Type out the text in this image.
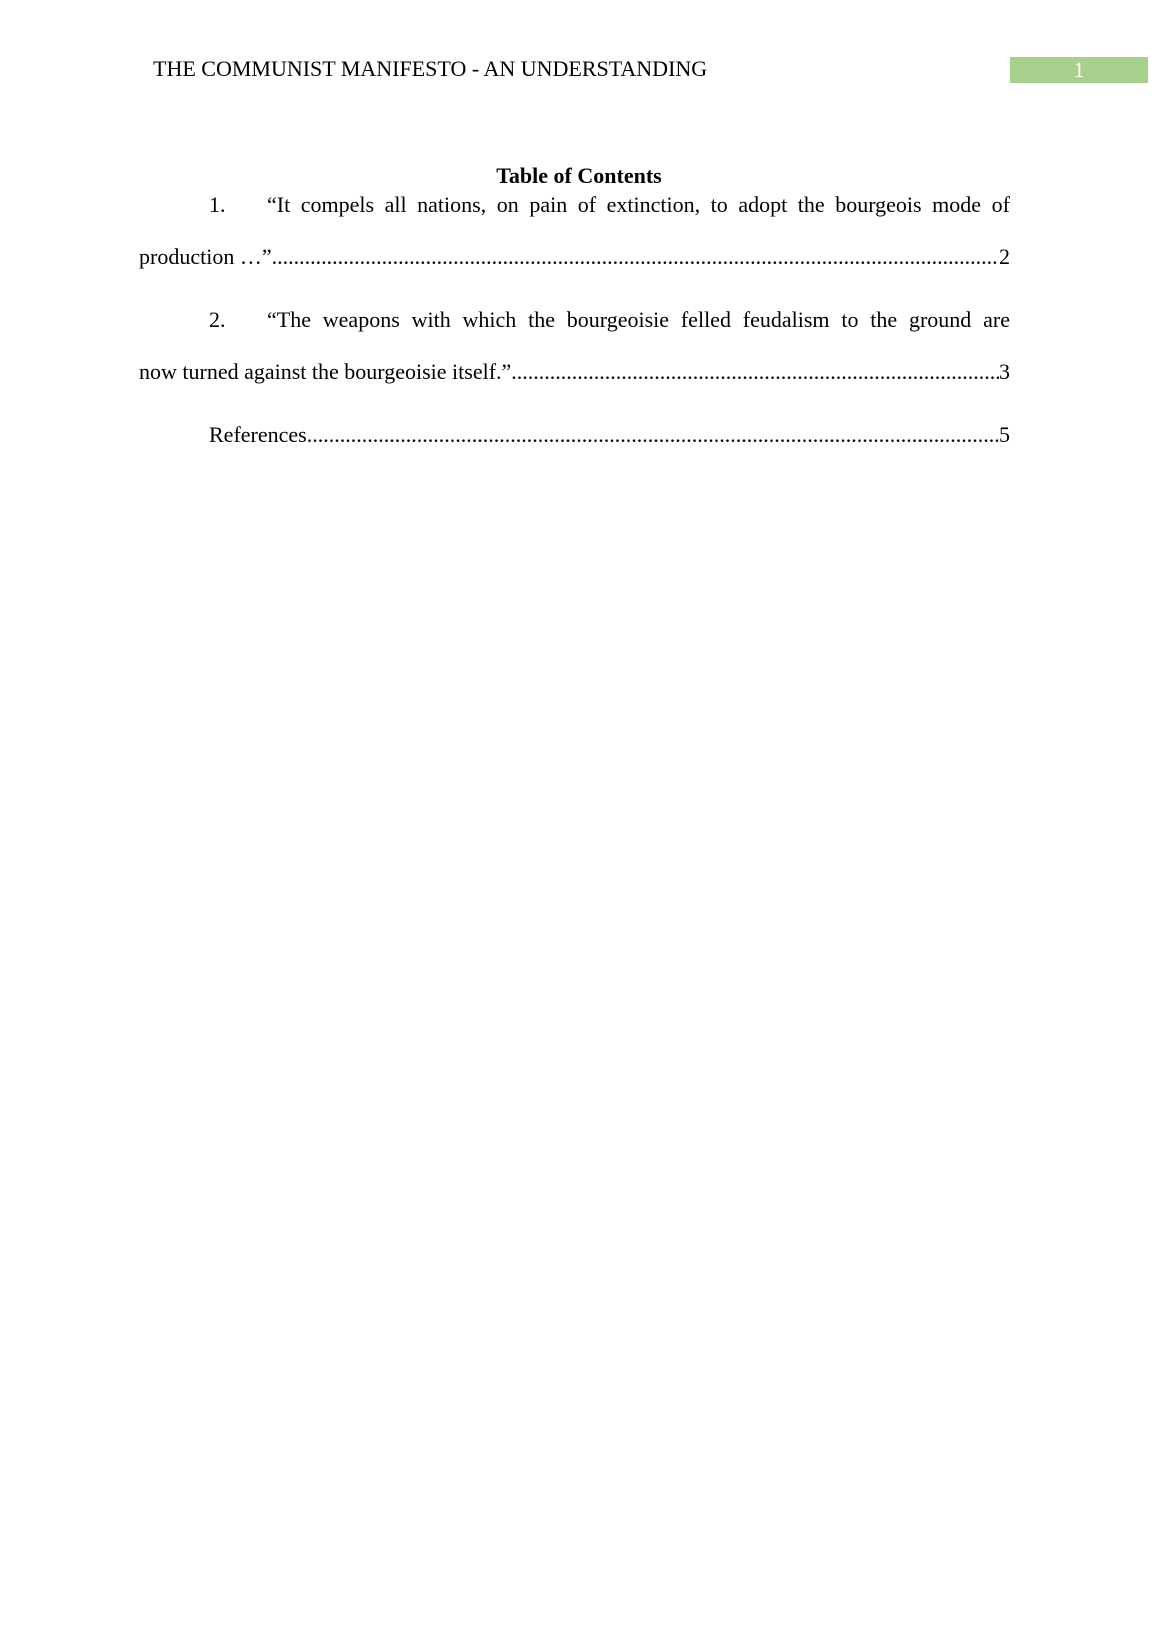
THE COMMUNIST MANIFESTO - AN UNDERSTANDING	1
Table of Contents
1. “It compels all nations, on pain of extinction, to adopt the bourgeois mode of
production …” .....	2
2. “The weapons with which the bourgeoisie felled feudalism to the ground are
now turned against the bourgeoisie itself.” .....	3
References .....	5
